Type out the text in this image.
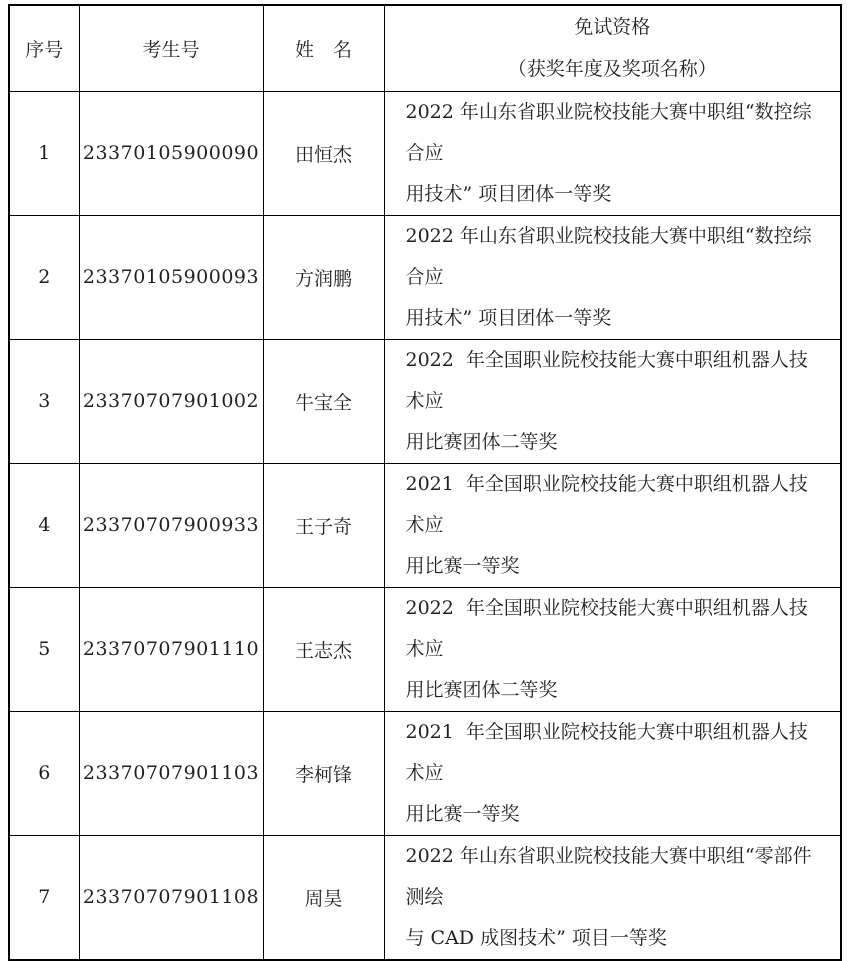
序号	考生号	姓　名	免试资格
（获奖年度及奖项名称）

1	23370105900090	田恒杰	2022 年山东省职业院校技能大赛中职组“数控综合应
用技术” 项目团体一等奖

2	23370105900093	方润鹏	2022 年山东省职业院校技能大赛中职组“数控综合应
用技术” 项目团体一等奖

3	23370707901002	牛宝全	2022  年全国职业院校技能大赛中职组机器人技术应
用比赛团体二等奖

4	23370707900933	王子奇	2021  年全国职业院校技能大赛中职组机器人技术应
用比赛一等奖

5	23370707901110	王志杰	2022  年全国职业院校技能大赛中职组机器人技术应
用比赛团体二等奖

6	23370707901103	李柯锋	2021  年全国职业院校技能大赛中职组机器人技术应
用比赛一等奖

7	23370707901108	周昊	2022 年山东省职业院校技能大赛中职组“零部件测绘
与 CAD 成图技术” 项目一等奖
